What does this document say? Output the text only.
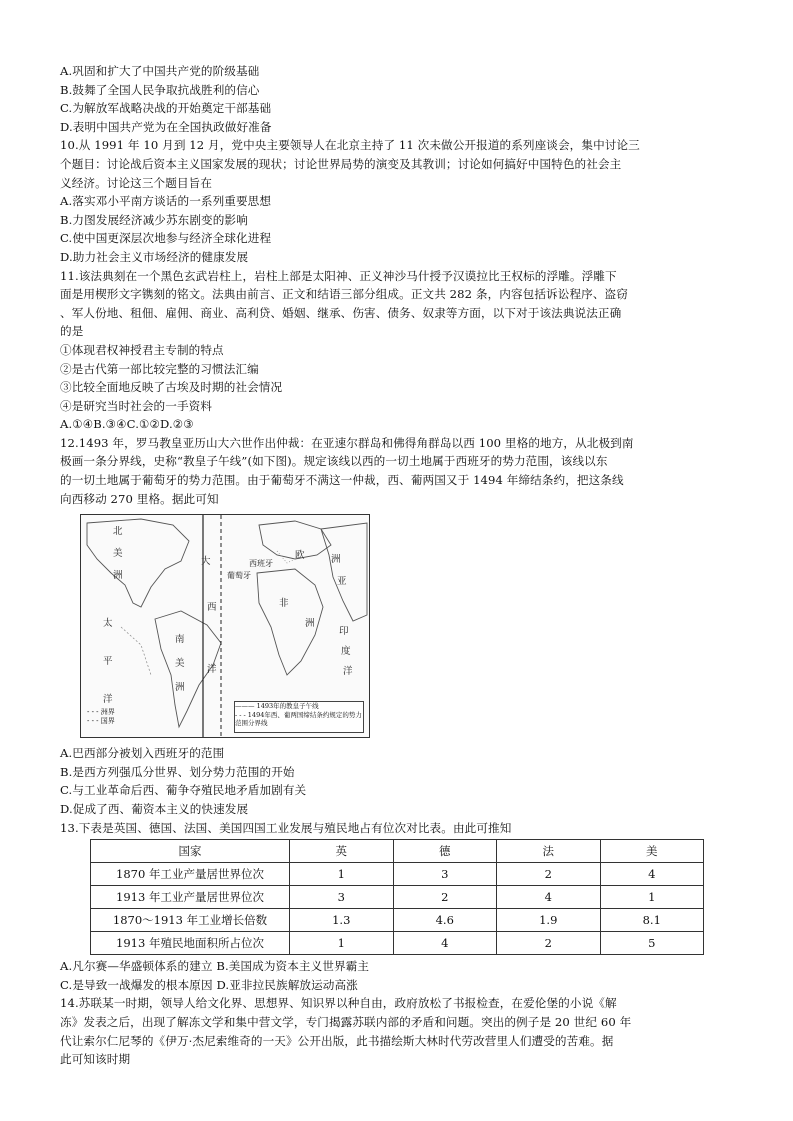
A.巩固和扩大了中国共产党的阶级基础
B.鼓舞了全国人民争取抗战胜利的信心
C.为解放军战略决战的开始奠定干部基础
D.表明中国共产党为在全国执政做好准备
10.从 1991 年 10 月到 12 月，党中央主要领导人在北京主持了 11 次未做公开报道的系列座谈会，集中讨论三
个题目：讨论战后资本主义国家发展的现状；讨论世界局势的演变及其教训；讨论如何搞好中国特色的社会主
义经济。讨论这三个题目旨在
A.落实邓小平南方谈话的一系列重要思想
B.力图发展经济减少苏东剧变的影响
C.使中国更深层次地参与经济全球化进程
D.助力社会主义市场经济的健康发展
11.该法典刻在一个黑色玄武岩柱上，岩柱上部是太阳神、正义神沙马什授予汉谟拉比王权标的浮雕。浮雕下
面是用楔形文字镌刻的铭文。法典由前言、正文和结语三部分组成。正文共 282 条，内容包括诉讼程序、盗窃
、军人份地、租佃、雇佣、商业、高利贷、婚姻、继承、伤害、债务、奴隶等方面，以下对于该法典说法正确
的是
①体现君权神授君主专制的特点
②是古代第一部比较完整的习惯法汇编
③比较全面地反映了古埃及时期的社会情况
④是研究当时社会的一手资料
A.①④B.③④C.①②D.②③
12.1493 年，罗马教皇亚历山大六世作出仲裁：在亚速尔群岛和佛得角群岛以西 100 里格的地方，从北极到南
极画一条分界线，史称“教皇子午线”(如下图)。规定该线以西的一切土地属于西班牙的势力范围，该线以东
的一切土地属于葡萄牙的势力范围。由于葡萄牙不满这一仲裁，西、葡两国又于 1494 年缔结条约，把这条线
向西移动 270 里格。据此可知
北
美
洲
太
平
洋
大
西
南
美
洲
洋
西班牙
葡萄牙
欧	洲
亚
非
洲
印
度
洋
- - - 洲界
- - - 国界
——— 1493年的教皇子午线
- - - 1494年西、葡两国缔结条约规定的势力范围分界线
A.巴西部分被划入西班牙的范围
B.是西方列强瓜分世界、划分势力范围的开始
C.与工业革命后西、葡争夺殖民地矛盾加剧有关
D.促成了西、葡资本主义的快速发展
13.下表是英国、德国、法国、美国四国工业发展与殖民地占有位次对比表。由此可推知
国家	英	德	法	美
1870 年工业产量居世界位次	1	3	2	4
1913 年工业产量居世界位次	3	2	4	1
1870～1913 年工业增长倍数	1.3	4.6	1.9	8.1
1913 年殖民地面积所占位次	1	4	2	5
A.凡尔赛—华盛顿体系的建立 B.美国成为资本主义世界霸主
C.是导致一战爆发的根本原因 D.亚非拉民族解放运动高涨
14.苏联某一时期，领导人给文化界、思想界、知识界以种自由，政府放松了书报检查，在爱伦堡的小说《解
冻》发表之后，出现了解冻文学和集中营文学，专门揭露苏联内部的矛盾和问题。突出的例子是 20 世纪 60 年
代让索尔仁尼琴的《伊万·杰尼索维奇的一天》公开出版，此书描绘斯大林时代劳改营里人们遭受的苦难。据
此可知该时期
